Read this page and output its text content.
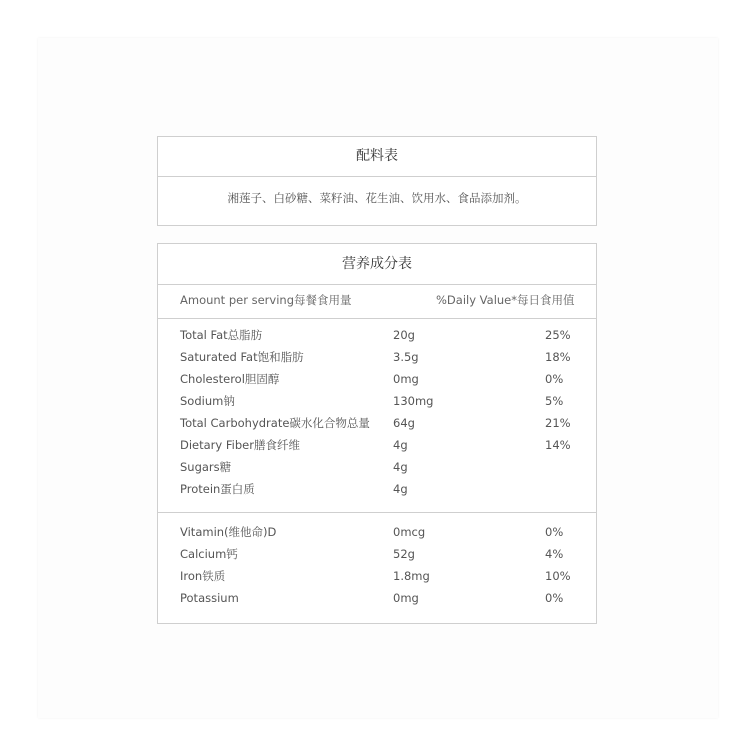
配料表
湘莲子、白砂糖、菜籽油、花生油、饮用水、食品添加剂。
营养成分表
Amount per serving每餐食用量	%Daily Value*每日食用值
Total Fat总脂肪	20g	25%
Saturated Fat饱和脂肪	3.5g	18%
Cholesterol胆固醇	0mg	0%
Sodium钠	130mg	5%
Total Carbohydrate碳水化合物总量 64g	21%
Dietary Fiber膳食纤维	4g	14%
Sugars糖	4g
Protein蛋白质	4g
Vitamin(维他命)D	0mcg	0%
Calcium钙	52g	4%
Iron铁质	1.8mg	10%
Potassium	0mg	0%
